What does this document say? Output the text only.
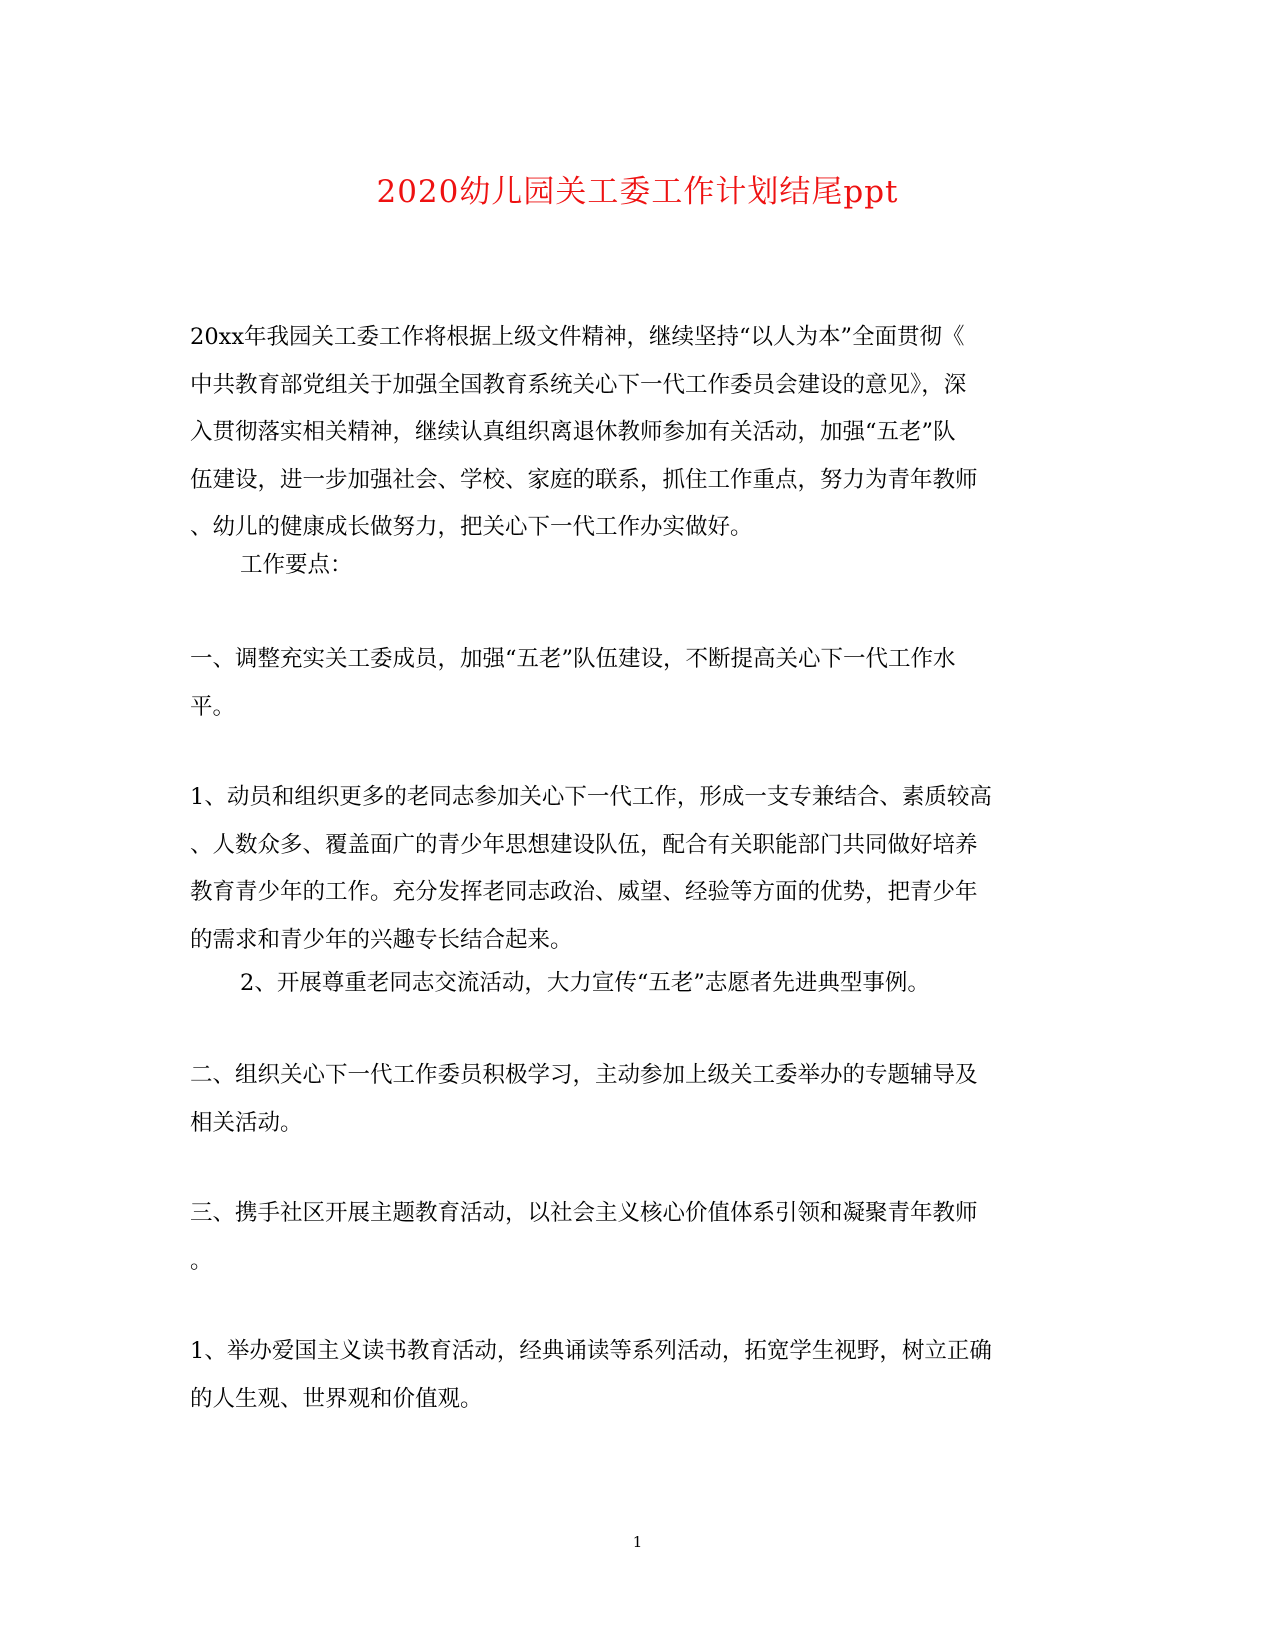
2020幼儿园关工委工作计划结尾ppt
20xx年我园关工委工作将根据上级文件精神，继续坚持“以人为本”全面贯彻《
中共教育部党组关于加强全国教育系统关心下一代工作委员会建设的意见》，深
入贯彻落实相关精神，继续认真组织离退休教师参加有关活动，加强“五老”队
伍建设，进一步加强社会、学校、家庭的联系，抓住工作重点，努力为青年教师
、幼儿的健康成长做努力，把关心下一代工作办实做好。
工作要点：
一、调整充实关工委成员，加强“五老”队伍建设，不断提高关心下一代工作水
平。
1、动员和组织更多的老同志参加关心下一代工作，形成一支专兼结合、素质较高
、人数众多、覆盖面广的青少年思想建设队伍，配合有关职能部门共同做好培养
教育青少年的工作。充分发挥老同志政治、威望、经验等方面的优势，把青少年
的需求和青少年的兴趣专长结合起来。
2、开展尊重老同志交流活动，大力宣传“五老”志愿者先进典型事例。
二、组织关心下一代工作委员积极学习，主动参加上级关工委举办的专题辅导及
相关活动。
三、携手社区开展主题教育活动，以社会主义核心价值体系引领和凝聚青年教师
。
1、举办爱国主义读书教育活动，经典诵读等系列活动，拓宽学生视野，树立正确
的人生观、世界观和价值观。
1
